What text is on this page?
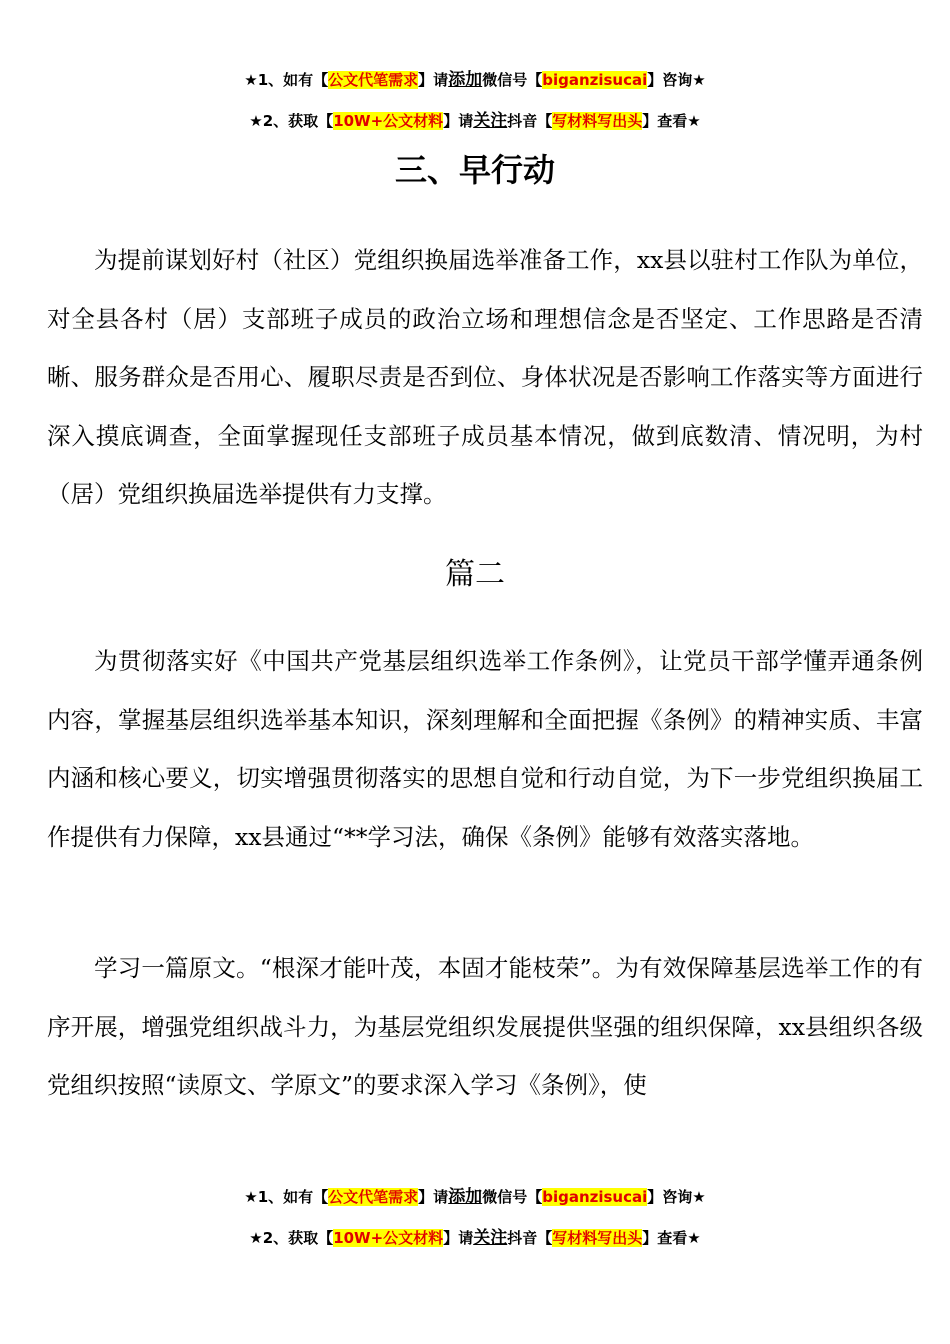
★1、如有【公文代笔需求】请添加微信号【biganzisucai】咨询★
★2、获取【10W+公文材料】请关注抖音【写材料写出头】查看★
三、早行动
为提前谋划好村（社区）党组织换届选举准备工作，xx县以驻村工作队为单位，对全县各村（居）支部班子成员的政治立场和理想信念是否坚定、工作思路是否清晰、服务群众是否用心、履职尽责是否到位、身体状况是否影响工作落实等方面进行深入摸底调查，全面掌握现任支部班子成员基本情况，做到底数清、情况明，为村（居）党组织换届选举提供有力支撑。
篇二
为贯彻落实好《中国共产党基层组织选举工作条例》，让党员干部学懂弄通条例内容，掌握基层组织选举基本知识，深刻理解和全面把握《条例》的精神实质、丰富内涵和核心要义，切实增强贯彻落实的思想自觉和行动自觉，为下一步党组织换届工作提供有力保障，xx县通过“**学习法，确保《条例》能够有效落实落地。
学习一篇原文。“根深才能叶茂，本固才能枝荣”。为有效保障基层选举工作的有序开展，增强党组织战斗力，为基层党组织发展提供坚强的组织保障，xx县组织各级党组织按照“读原文、学原文”的要求深入学习《条例》，使
★1、如有【公文代笔需求】请添加微信号【biganzisucai】咨询★
★2、获取【10W+公文材料】请关注抖音【写材料写出头】查看★
